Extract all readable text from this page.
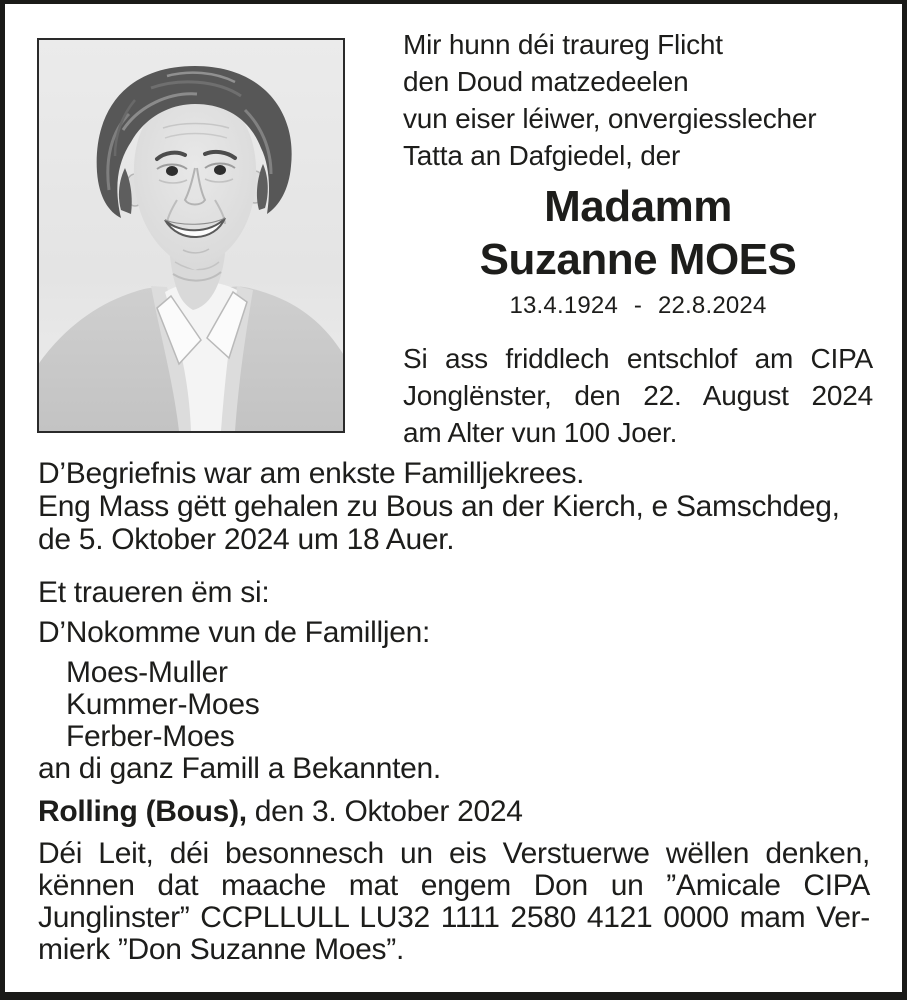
Mir hunn déi traureg Flicht
den Doud matzedeelen
vun eiser léiwer, onvergiesslecher
Tatta an Dafgiedel, der
Madamm
Suzanne MOES
13.4.1924 - 22.8.2024
Si ass friddlech entschlof am CIPA
Jonglënster, den 22. August 2024
am Alter vun 100 Joer.
D’Begriefnis war am enkste Familljekrees.
Eng Mass gëtt gehalen zu Bous an der Kierch, e Samschdeg,
de 5. Oktober 2024 um 18 Auer.
Et traueren ëm si:
D’Nokomme vun de Familljen:
Moes-Muller
Kummer-Moes
Ferber-Moes
an di ganz Famill a Bekannten.
Rolling (Bous), den 3. Oktober 2024
Déi Leit, déi besonnesch un eis Verstuerwe wëllen denken,
kënnen dat maache mat engem Don un ”Amicale CIPA
Junglinster” CCPLLULL LU32 1111 2580 4121 0000 mam Ver-
mierk ”Don Suzanne Moes”.
